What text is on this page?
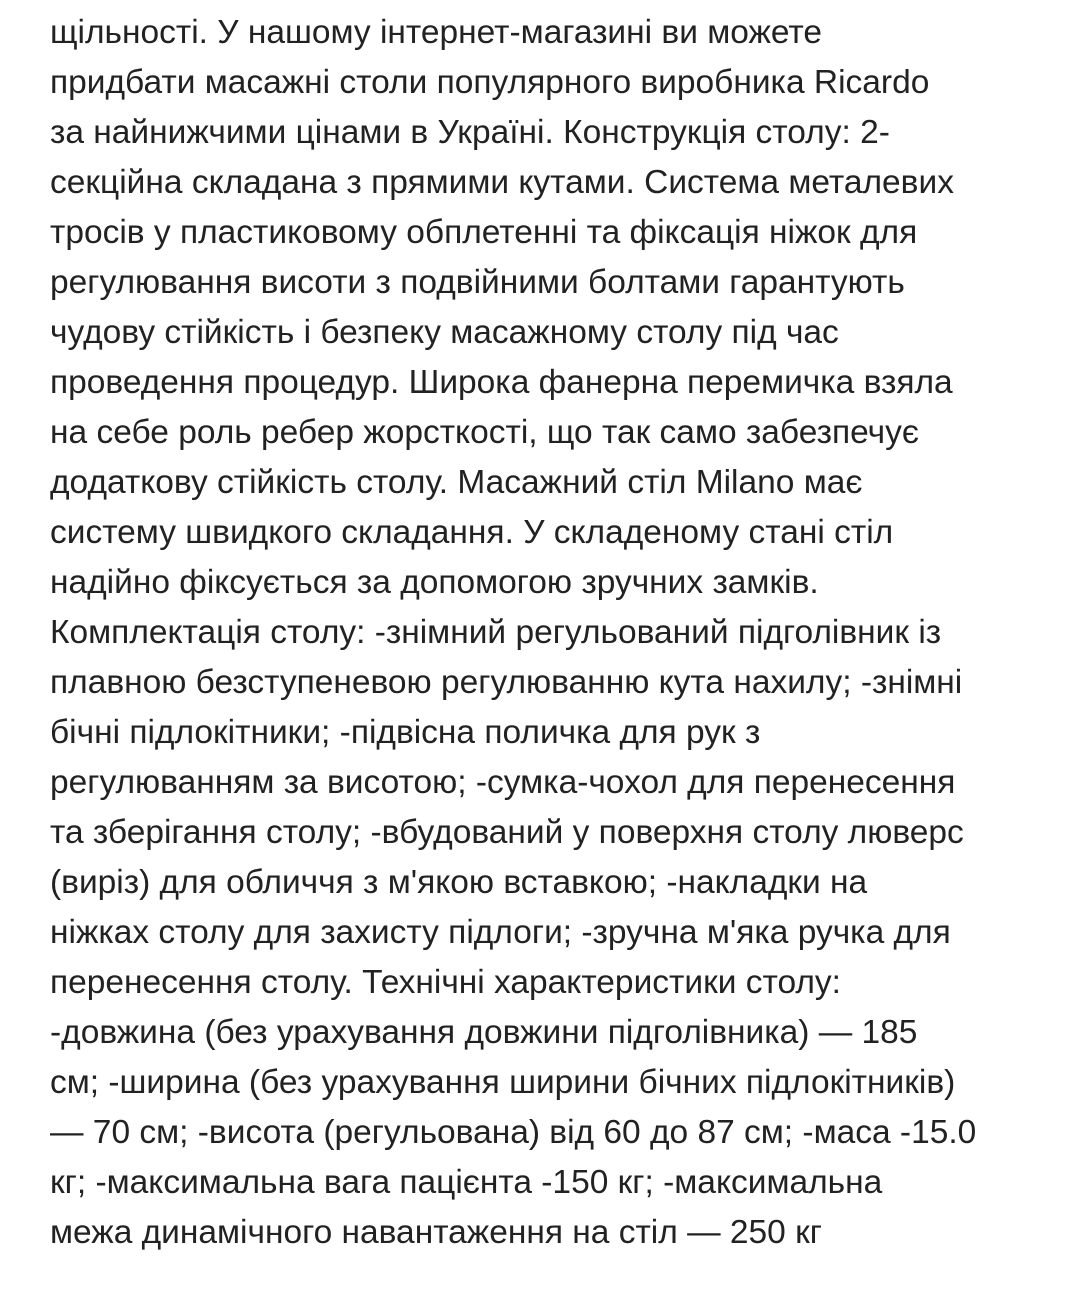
щільності. У нашому інтернет-магазині ви можете
придбати масажні столи популярного виробника Ricardo
за найнижчими цінами в Україні. Конструкція столу: 2-
секційна складана з прямими кутами. Система металевих
тросів у пластиковому обплетенні та фіксація ніжок для
регулювання висоти з подвійними болтами гарантують
чудову стійкість і безпеку масажному столу під час
проведення процедур. Широка фанерна перемичка взяла
на себе роль ребер жорсткості, що так само забезпечує
додаткову стійкість столу. Масажний стіл Milano має
систему швидкого складання. У складеному стані стіл
надійно фіксується за допомогою зручних замків.
Комплектація столу: -знімний регульований підголівник із
плавною безступеневою регулюванню кута нахилу; -знімні
бічні підлокітники; -підвісна поличка для рук з
регулюванням за висотою; -сумка-чохол для перенесення
та зберігання столу; -вбудований у поверхня столу люверс
(виріз) для обличчя з м'якою вставкою; -накладки на
ніжках столу для захисту підлоги; -зручна м'яка ручка для
перенесення столу. Технічні характеристики столу:
-довжина (без урахування довжини підголівника) — 185
см; -ширина (без урахування ширини бічних підлокітників)
— 70 см; -висота (регульована) від 60 до 87 см; -маса -15.0
кг; -максимальна вага пацієнта -150 кг; -максимальна
межа динамічного навантаження на стіл — 250 кг
